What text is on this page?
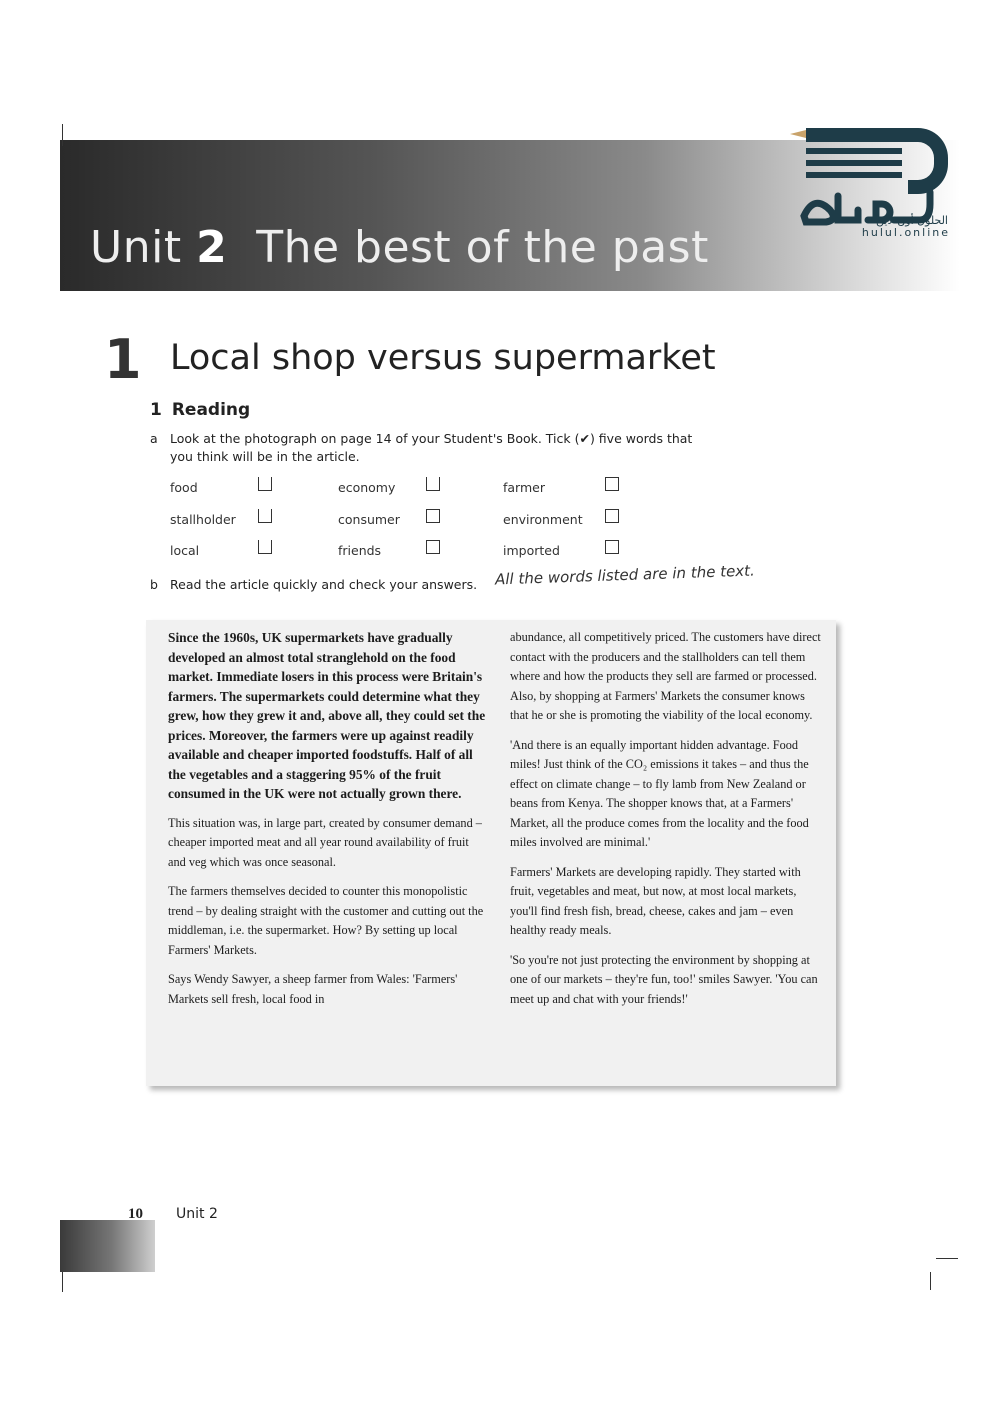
Unit 2 The best of the past
الحلول أون لاين
hulul.online
1 Local shop versus supermarket
1 Reading
a Look at the photograph on page 14 of your Student's Book. Tick (✔) five words that you think will be in the article.
food	economy	farmer
stallholder	consumer	environment
local	friends	imported
b Read the article quickly and check your answers.	All the words listed are in the text.

Since the 1960s, UK supermarkets have gradually developed an almost total stranglehold on the food market. Immediate losers in this process were Britain's farmers. The supermarkets could determine what they grew, how they grew it and, above all, they could set the prices. Moreover, the farmers were up against readily available and cheaper imported foodstuffs. Half of all the vegetables and a staggering 95% of the fruit consumed in the UK were not actually grown there.

This situation was, in large part, created by consumer demand – cheaper imported meat and all year round availability of fruit and veg which was once seasonal.

The farmers themselves decided to counter this monopolistic trend – by dealing straight with the customer and cutting out the middleman, i.e. the supermarket. How? By setting up local Farmers' Markets.

Says Wendy Sawyer, a sheep farmer from Wales: 'Farmers' Markets sell fresh, local food in

abundance, all competitively priced. The customers have direct contact with the producers and the stallholders can tell them where and how the products they sell are farmed or processed. Also, by shopping at Farmers' Markets the consumer knows that he or she is promoting the viability of the local economy.

'And there is an equally important hidden advantage. Food miles! Just think of the CO₂ emissions it takes – and thus the effect on climate change – to fly lamb from New Zealand or beans from Kenya. The shopper knows that, at a Farmers' Market, all the produce comes from the locality and the food miles involved are minimal.'

Farmers' Markets are developing rapidly. They started with fruit, vegetables and meat, but now, at most local markets, you'll find fresh fish, bread, cheese, cakes and jam – even healthy ready meals.

'So you're not just protecting the environment by shopping at one of our markets – they're fun, too!' smiles Sawyer. 'You can meet up and chat with your friends!'

10 Unit 2
